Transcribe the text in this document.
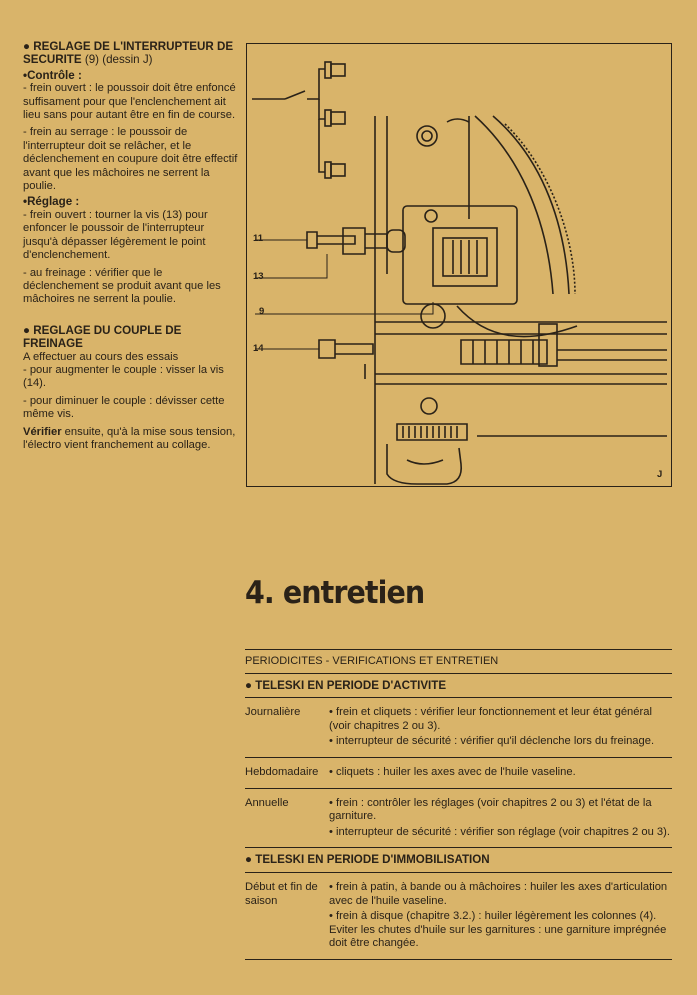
● REGLAGE DE L'INTERRUPTEUR DE SECURITE (9) (dessin J)

•Contrôle :

- frein ouvert : le poussoir doit être enfoncé suffisament pour que l'enclenchement ait lieu sans pour autant être en fin de course.

- frein au serrage : le poussoir de l'interrupteur doit se relâcher, et le déclenchement en coupure doit être effectif avant que les mâchoires ne serrent la poulie.

•Réglage :

- frein ouvert : tourner la vis (13) pour enfoncer le poussoir de l'interrupteur jusqu'à dépasser légèrement le point d'enclenchement.

- au freinage : vérifier que le déclenchement se produit avant que les mâchoires ne serrent la poulie.

● REGLAGE DU COUPLE DE FREINAGE

A effectuer au cours des essais

- pour augmenter le couple : visser la vis (14).

- pour diminuer le couple : dévisser cette même vis.

Vérifier ensuite, qu'à la mise sous tension, l'électro vient franchement au collage.

11
13
9
14
J
4. entretien
PERIODICITES - VERIFICATIONS ET ENTRETIEN
● TELESKI EN PERIODE D'ACTIVITE
Journalière	• frein et cliquets : vérifier leur fonctionnement et leur état général (voir chapitres 2 ou 3).

• interrupteur de sécurité : vérifier qu'il déclenche lors du freinage.

Hebdomadaire • cliquets : huiler les axes avec de l'huile vaseline.

Annuelle	• frein : contrôler les réglages (voir chapitres 2 ou 3) et l'état de la garniture.

• interrupteur de sécurité : vérifier son réglage (voir chapitres 2 ou 3).

● TELESKI EN PERIODE D'IMMOBILISATION
Début et fin de saison

• frein à patin, à bande ou à mâchoires : huiler les axes d'articulation avec de l'huile vaseline.

• frein à disque (chapitre 3.2.) : huiler légèrement les colonnes (4). Eviter les chutes d'huile sur les garnitures : une garniture imprégnée doit être changée.
